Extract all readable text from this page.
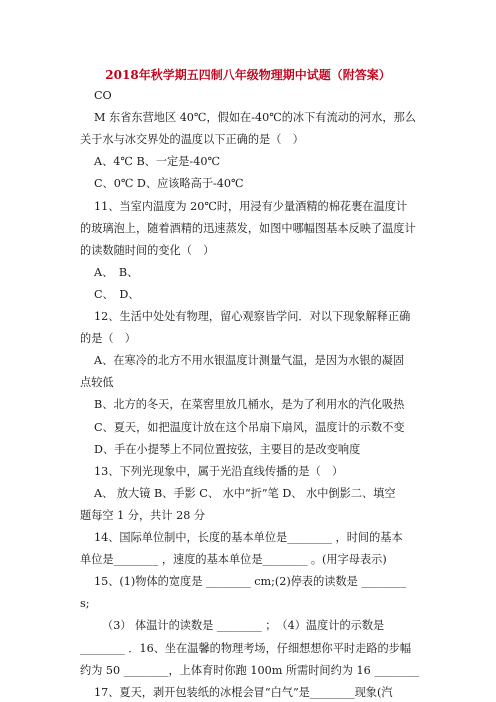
2018年秋学期五四制八年级物理期中试题（附答案）
CO
M 东省东营地区 40℃，假如在-40℃的冰下有流动的河水，那么
关于水与冰交界处的温度以下正确的是（　）
A、4℃ B、一定是-40℃
C、0℃ D、应该略高于-40℃
11、当室内温度为 20℃时，用浸有少量酒精的棉花裹在温度计
的玻璃泡上，随着酒精的迅速蒸发，如图中哪幅图基本反映了温度计
的读数随时间的变化（　）
A、　B、
C、　D、
12、生活中处处有物理，留心观察皆学问．对以下现象解释正确
的是（　）
A、在寒冷的北方不用水银温度计测量气温，是因为水银的凝固
点较低
B、北方的冬天，在菜窖里放几桶水，是为了利用水的汽化吸热
C、夏天，如把温度计放在这个吊扇下扇风，温度计的示数不变
D、手在小提琴上不同位置按弦，主要目的是改变响度
13、下列光现象中，属于光沿直线传播的是（　）
A、 放大镜 B、手影 C、 水中“折”笔 D、 水中倒影二、填空
题每空 1 分，共计 28 分
14、国际单位制中，长度的基本单位是________ ，时间的基本
单位是________ ，速度的基本单位是________ 。(用字母表示)
15、(1)物体的宽度是 ________ cm;(2)停表的读数是 ________
s;
（3） 体温计的读数是 ________ ；　（4）温度计的示数是
________ ．16、坐在温馨的物理考场，仔细想想你平时走路的步幅
约为 50 ________，上体育时你跑 100m 所需时间约为 16 ________
17、夏天，剥开包装纸的冰棍会冒“白气”是________现象(汽
